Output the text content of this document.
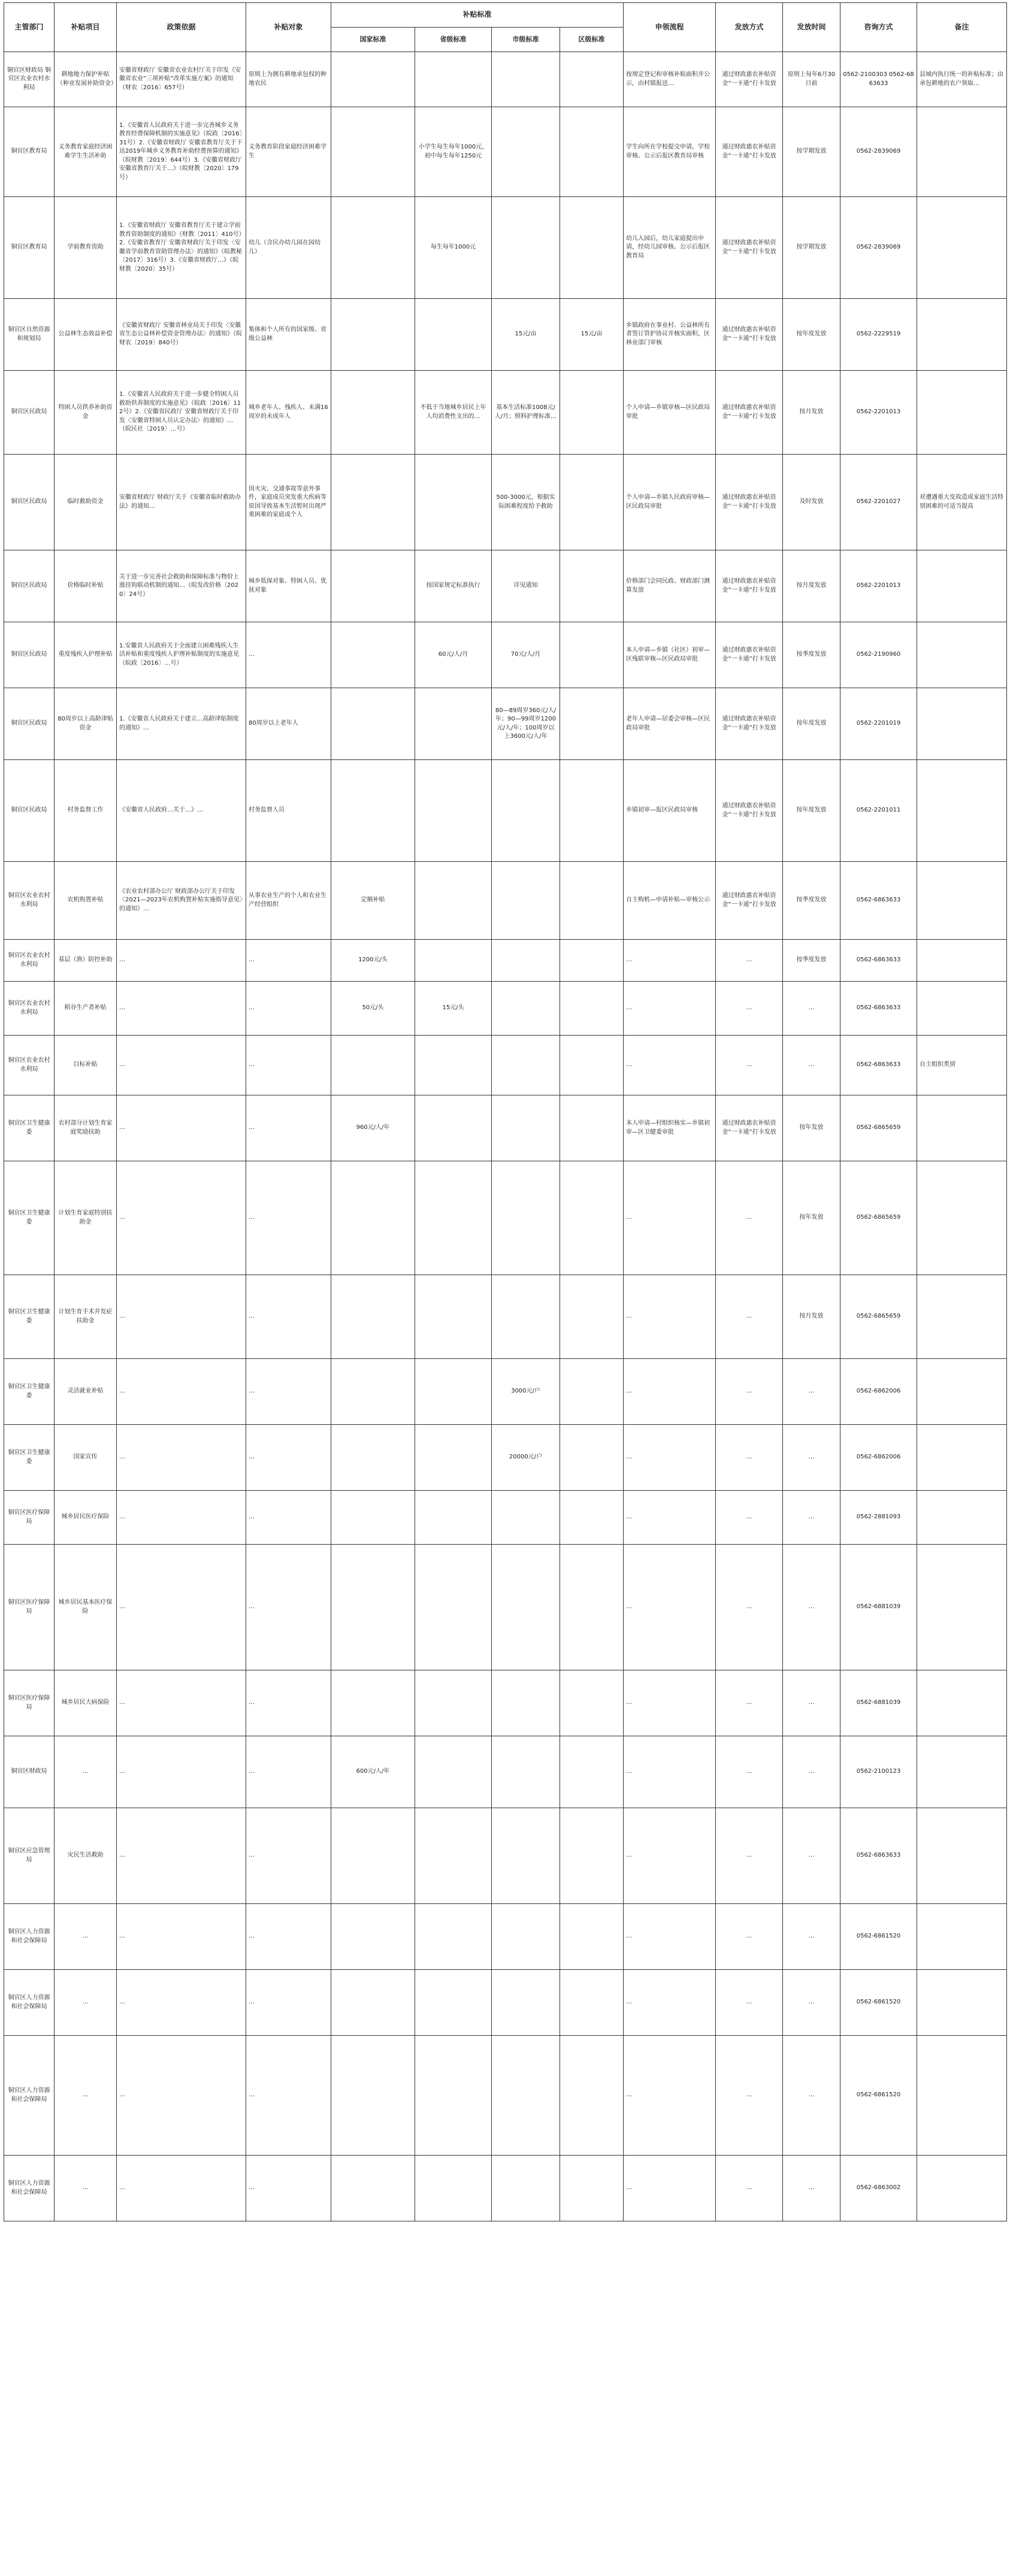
主管部门	补贴项目	政策依据	补贴对象	补贴标准				申领流程	发放方式	发放时间	咨询方式	备注
				国家标准	省级标准	市级标准	区级标准					
铜官区财政局 铜官区农业农村水利局	耕地地力保护补贴（种业发展补助资金）	安徽省财政厅 安徽省农业农村厅关于印发《安徽省农业“三项补贴”改革实施方案》的通知（财农〔2016〕657号）	原则上为拥有耕地承包权的种地农民					按规定登记和审核补贴面积并公示，由村镇报送…	通过财政惠农补贴资金“一卡通”打卡发放	原则上每年6月30日前	0562-2100303 0562-6863633	县域内执行统一的补贴标准；由承包耕地的农户领取…
铜官区教育局	义务教育家庭经济困难学生生活补助	1.《安徽省人民政府关于进一步完善城乡义务教育经费保障机制的实施意见》（皖政〔2016〕31号）2.《安徽省财政厅 安徽省教育厅关于下达2019年城乡义务教育补助经费预算的通知》（皖财教〔2019〕644号）3.《安徽省财政厅 安徽省教育厅关于…》（皖财教〔2020〕179号）	义务教育阶段家庭经济困难学生		小学生每生每年1000元，初中每生每年1250元			学生向所在学校提交申请，学校审核、公示后报区教育局审核	通过财政惠农补贴资金“一卡通”打卡发放	按学期发放	0562-2839069	
铜官区教育局	学前教育资助	1.《安徽省财政厅 安徽省教育厅关于建立学前教育资助制度的通知》（财教〔2011〕410号）2.《安徽省教育厅 安徽省财政厅关于印发〈安徽省学前教育资助管理办法〉的通知》（皖教秘〔2017〕316号）3.《安徽省财政厅…》（皖财教〔2020〕35号）	幼儿（含民办幼儿园在园幼儿）		每生每年1000元			幼儿入园后，幼儿家庭提出申请，经幼儿园审核、公示后报区教育局	通过财政惠农补贴资金“一卡通”打卡发放	按学期发放	0562-2839069	
铜官区自然资源和规划局	公益林生态效益补偿	《安徽省财政厅 安徽省林业局关于印发〈安徽省生态公益林补偿资金管理办法〉的通知》（皖财农〔2019〕840号）	集体和个人所有的国家级、省级公益林			15元/亩	15元/亩	乡镇政府在事业村、公益林所有者签订管护协议并核实面积，区林业部门审核	通过财政惠农补贴资金“一卡通”打卡发放	按年度发放	0562-2229519	
铜官区民政局	特困人员供养补助资金	1.《安徽省人民政府关于进一步健全特困人员救助供养制度的实施意见》（皖政〔2016〕112号）2.《安徽省民政厅 安徽省财政厅关于印发〈安徽省特困人员认定办法〉的通知》…（皖民社〔2019〕…号）	城乡老年人、残疾人、未满16周岁的未成年人		不低于当地城乡居民上年人均消费性支出的…	基本生活标准1008元/人/月；照料护理标准…		个人申请—乡镇审核—区民政局审批	通过财政惠农补贴资金“一卡通”打卡发放	按月发放	0562-2201013	
铜官区民政局	临时救助资金	安徽省财政厅 财政厅关于《安徽省临时救助办法》的通知…	因火灾、交通事故等意外事件，家庭成员突发重大疾病等原因导致基本生活暂时出现严重困难的家庭或个人			500-3000元，根据实际困难程度给予救助		个人申请—乡镇人民政府审核—区民政局审批	通过财政惠农补贴资金“一卡通”打卡发放	及时发放	0562-2201027	对遭遇重大变故造成家庭生活特别困难的可适当提高
铜官区民政局	价格临时补贴	关于进一步完善社会救助和保障标准与物价上涨挂钩联动机制的通知…（皖发改价格〔2020〕24号）	城乡低保对象、特困人员、优抚对象		按国家规定标准执行	详见通知		价格部门会同民政、财政部门测算发放	通过财政惠农补贴资金“一卡通”打卡发放	按月度发放	0562-2201013	
铜官区民政局	重度残疾人护理补贴	1.安徽省人民政府关于全面建立困难残疾人生活补贴和重度残疾人护理补贴制度的实施意见（皖政〔2016〕…号）	…		60元/人/月	70元/人/月		本人申请—乡镇（社区）初审—区残联审核—区民政局审批	通过财政惠农补贴资金“一卡通”打卡发放	按季度发放	0562-2190960	
铜官区民政局	80周岁以上高龄津贴资金	1.《安徽省人民政府关于建立…高龄津贴制度的通知》…	80周岁以上老年人			80—89周岁360元/人/年；90—99周岁1200元/人/年；100周岁以上3600元/人/年		老年人申请—居委会审核—区民政局审批	通过财政惠农补贴资金“一卡通”打卡发放	按年度发放	0562-2201019	
铜官区民政局	村务监督工作	《安徽省人民政府…关于…》…	村务监督人员					乡镇初审—报区民政局审核	通过财政惠农补贴资金“一卡通”打卡发放	按年度发放	0562-2201011	
铜官区农业农村水利局	农机购置补贴	《农业农村部办公厅 财政部办公厅关于印发〈2021—2023年农机购置补贴实施指导意见〉的通知》…	从事农业生产的个人和农业生产经营组织	定额补贴				自主购机—申请补贴—审核公示	通过财政惠农补贴资金“一卡通”打卡发放	按季度发放	0562-6863633	
铜官区农业农村水利局	基层（渔）防控补助	…	…	1200元/头				…	…	按季度发放	0562-6863633	
铜官区农业农村水利局	稻谷生产者补贴	…	…	50元/头	15元/头			…	…	…	0562-6863633	
铜官区农业农村水利局	目标补贴	…	…					…	…	…	0562-6863633	自主组织类别
铜官区卫生健康委	农村部分计划生育家庭奖励扶助	…	…	960元/人/年				本人申请—村组织核实—乡镇初审—区卫健委审批	通过财政惠农补贴资金“一卡通”打卡发放	按年发放	0562-6865659	
铜官区卫生健康委	计划生育家庭特别扶助金	…	…					…	…	按年发放	0562-6865659	
铜官区卫生健康委	计划生育手术并发症扶助金	…	…					…	…	按月发放	0562-6865659	
铜官区卫生健康委	灵活就业补贴	…	…			3000元/户		…	…	…	0562-6862006	
铜官区卫生健康委	国家宣传	…	…			20000元/户		…	…	…	0562-6862006	
铜官区医疗保障局	城乡居民医疗保险	…	…					…	…	…	0562-2881093	
铜官区医疗保障局	城乡居民基本医疗保险	…	…					…	…	…	0562-6881039	
铜官区医疗保障局	城乡居民大病保险	…	…					…	…	…	0562-6881039	
铜官区财政局	…	…	…	600元/人/年				…	…	…	0562-2100123	
铜官区应急管理局	灾民生活救助	…	…					…	…	…	0562-6863633	
铜官区人力资源和社会保障局	…	…	…					…	…	…	0562-6861520	
铜官区人力资源和社会保障局	…	…	…					…	…	…	0562-6861520	
铜官区人力资源和社会保障局	…	…	…					…	…	…	0562-6861520	
铜官区人力资源和社会保障局	…	…	…					…	…	…	0562-6863002	
